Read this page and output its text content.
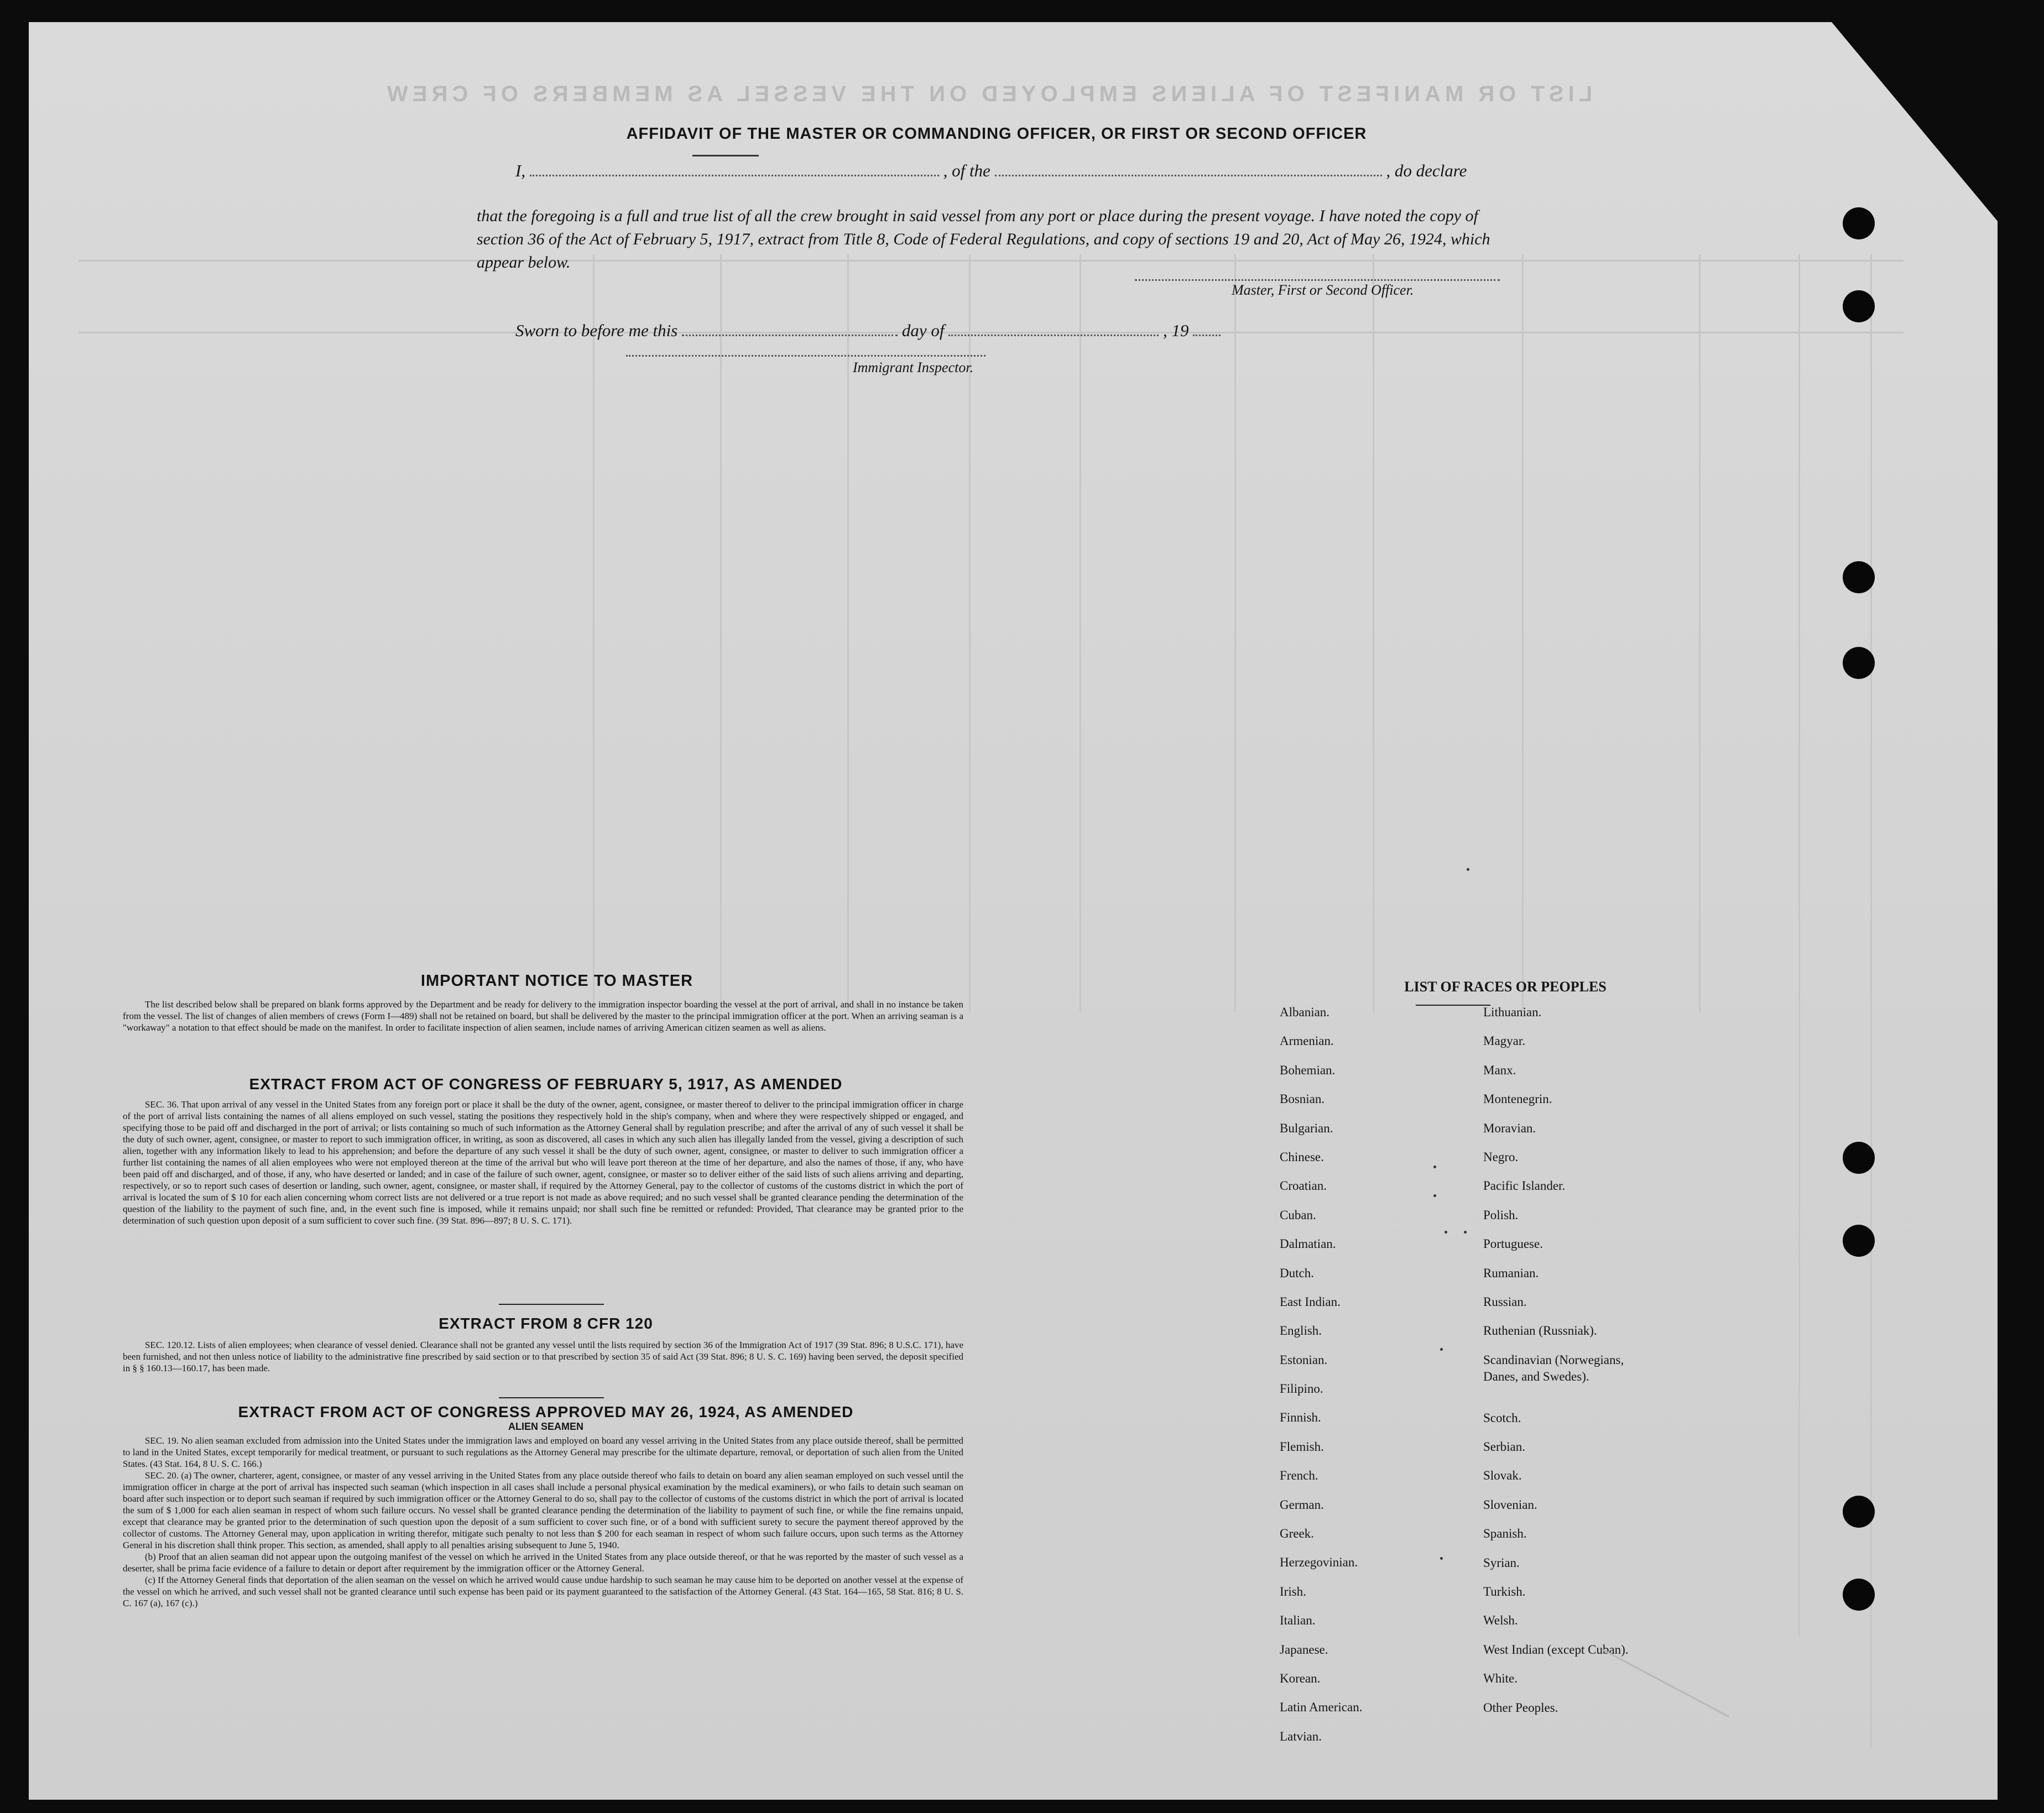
LIST OR MANIFEST OF ALIENS EMPLOYED ON THE VESSEL AS MEMBERS OF CREW
AFFIDAVIT OF THE MASTER OR COMMANDING OFFICER, OR FIRST OR SECOND OFFICER
I,	, of the	, do declare
that the foregoing is a full and true list of all the crew brought in said vessel from any port or place during the present voyage. I have noted the copy of section 36 of the Act of February 5, 1917, extract from Title 8, Code of Federal Regulations, and copy of sections 19 and 20, Act of May 26, 1924, which appear below.
Master, First or Second Officer.
Sworn to before me this	day of	, 19
Immigrant Inspector.
IMPORTANT NOTICE TO MASTER

The list described below shall be prepared on blank forms approved by the Department and be ready for delivery to the immigration inspector boarding the vessel at the port of arrival, and shall in no instance be taken from the vessel. The list of changes of alien members of crews (Form I—489) shall not be retained on board, but shall be delivered by the master to the principal immigration officer at the port. When an arriving seaman is a "workaway" a notation to that effect should be made on the manifest. In order to facilitate inspection of alien seamen, include names of arriving American citizen seamen as well as aliens.

EXTRACT FROM ACT OF CONGRESS OF FEBRUARY 5, 1917, AS AMENDED

SEC. 36. That upon arrival of any vessel in the United States from any foreign port or place it shall be the duty of the owner, agent, consignee, or master thereof to deliver to the principal immigration officer in charge of the port of arrival lists containing the names of all aliens employed on such vessel, stating the positions they respectively hold in the ship's company, when and where they were respectively shipped or engaged, and specifying those to be paid off and discharged in the port of arrival; or lists containing so much of such information as the Attorney General shall by regulation prescribe; and after the arrival of any of such vessel it shall be the duty of such owner, agent, consignee, or master to report to such immigration officer, in writing, as soon as discovered, all cases in which any such alien has illegally landed from the vessel, giving a description of such alien, together with any information likely to lead to his apprehension; and before the departure of any such vessel it shall be the duty of such owner, agent, consignee, or master to deliver to such immigration officer a further list containing the names of all alien employees who were not employed thereon at the time of the arrival but who will leave port thereon at the time of her departure, and also the names of those, if any, who have been paid off and discharged, and of those, if any, who have deserted or landed; and in case of the failure of such owner, agent, consignee, or master so to deliver either of the said lists of such aliens arriving and departing, respectively, or so to report such cases of desertion or landing, such owner, agent, consignee, or master shall, if required by the Attorney General, pay to the collector of customs of the customs district in which the port of arrival is located the sum of $ 10 for each alien concerning whom correct lists are not delivered or a true report is not made as above required; and no such vessel shall be granted clearance pending the determination of the question of the liability to the payment of such fine, and, in the event such fine is imposed, while it remains unpaid; nor shall such fine be remitted or refunded: Provided, That clearance may be granted prior to the determination of such question upon deposit of a sum sufficient to cover such fine. (39 Stat. 896—897; 8 U. S. C. 171).

EXTRACT FROM 8 CFR 120

SEC. 120.12. Lists of alien employees; when clearance of vessel denied. Clearance shall not be granted any vessel until the lists required by section 36 of the Immigration Act of 1917 (39 Stat. 896; 8 U.S.C. 171), have been furnished, and not then unless notice of liability to the administrative fine prescribed by said section or to that prescribed by section 35 of said Act (39 Stat. 896; 8 U. S. C. 169) having been served, the deposit specified in § § 160.13—160.17, has been made.

EXTRACT FROM ACT OF CONGRESS APPROVED MAY 26, 1924, AS AMENDED
ALIEN SEAMEN

SEC. 19. No alien seaman excluded from admission into the United States under the immigration laws and employed on board any vessel arriving in the United States from any place outside thereof, shall be permitted to land in the United States, except temporarily for medical treatment, or pursuant to such regulations as the Attorney General may prescribe for the ultimate departure, removal, or deportation of such alien from the United States. (43 Stat. 164, 8 U. S. C. 166.)

SEC. 20. (a) The owner, charterer, agent, consignee, or master of any vessel arriving in the United States from any place outside thereof who fails to detain on board any alien seaman employed on such vessel until the immigration officer in charge at the port of arrival has inspected such seaman (which inspection in all cases shall include a personal physical examination by the medical examiners), or who fails to detain such seaman on board after such inspection or to deport such seaman if required by such immigration officer or the Attorney General to do so, shall pay to the collector of customs of the customs district in which the port of arrival is located the sum of $ 1,000 for each alien seaman in respect of whom such failure occurs. No vessel shall be granted clearance pending the determination of the liability to payment of such fine, or while the fine remains unpaid, except that clearance may be granted prior to the determination of such question upon the deposit of a sum sufficient to cover such fine, or of a bond with sufficient surety to secure the payment thereof approved by the collector of customs. The Attorney General may, upon application in writing therefor, mitigate such penalty to not less than $ 200 for each seaman in respect of whom such failure occurs, upon such terms as the Attorney General in his discretion shall think proper. This section, as amended, shall apply to all penalties arising subsequent to June 5, 1940.

(b) Proof that an alien seaman did not appear upon the outgoing manifest of the vessel on which he arrived in the United States from any place outside thereof, or that he was reported by the master of such vessel as a deserter, shall be prima facie evidence of a failure to detain or deport after requirement by the immigration officer or the Attorney General.

(c) If the Attorney General finds that deportation of the alien seaman on the vessel on which he arrived would cause undue hardship to such seaman he may cause him to be deported on another vessel at the expense of the vessel on which he arrived, and such vessel shall not be granted clearance until such expense has been paid or its payment guaranteed to the satisfaction of the Attorney General. (43 Stat. 164—165, 58 Stat. 816; 8 U. S. C. 167 (a), 167 (c).)

LIST OF RACES OR PEOPLES
Albanian.
Armenian.
Bohemian.
Bosnian.
Bulgarian.
Chinese.
Croatian.
Cuban.
Dalmatian.
Dutch.
East Indian.
English.
Estonian.
Filipino.
Finnish.
Flemish.
French.
German.
Greek.
Herzegovinian.
Irish.
Italian.
Japanese.
Korean.
Latin American.
Latvian.
Lithuanian.
Magyar.
Manx.
Montenegrin.
Moravian.
Negro.
Pacific Islander.
Polish.
Portuguese.
Rumanian.
Russian.
Ruthenian (Russniak).
Scandinavian (Norwegians, Danes, and Swedes).
Scotch.
Serbian.
Slovak.
Slovenian.
Spanish.
Syrian.
Turkish.
Welsh.
West Indian (except Cuban).
White.
Other Peoples.
